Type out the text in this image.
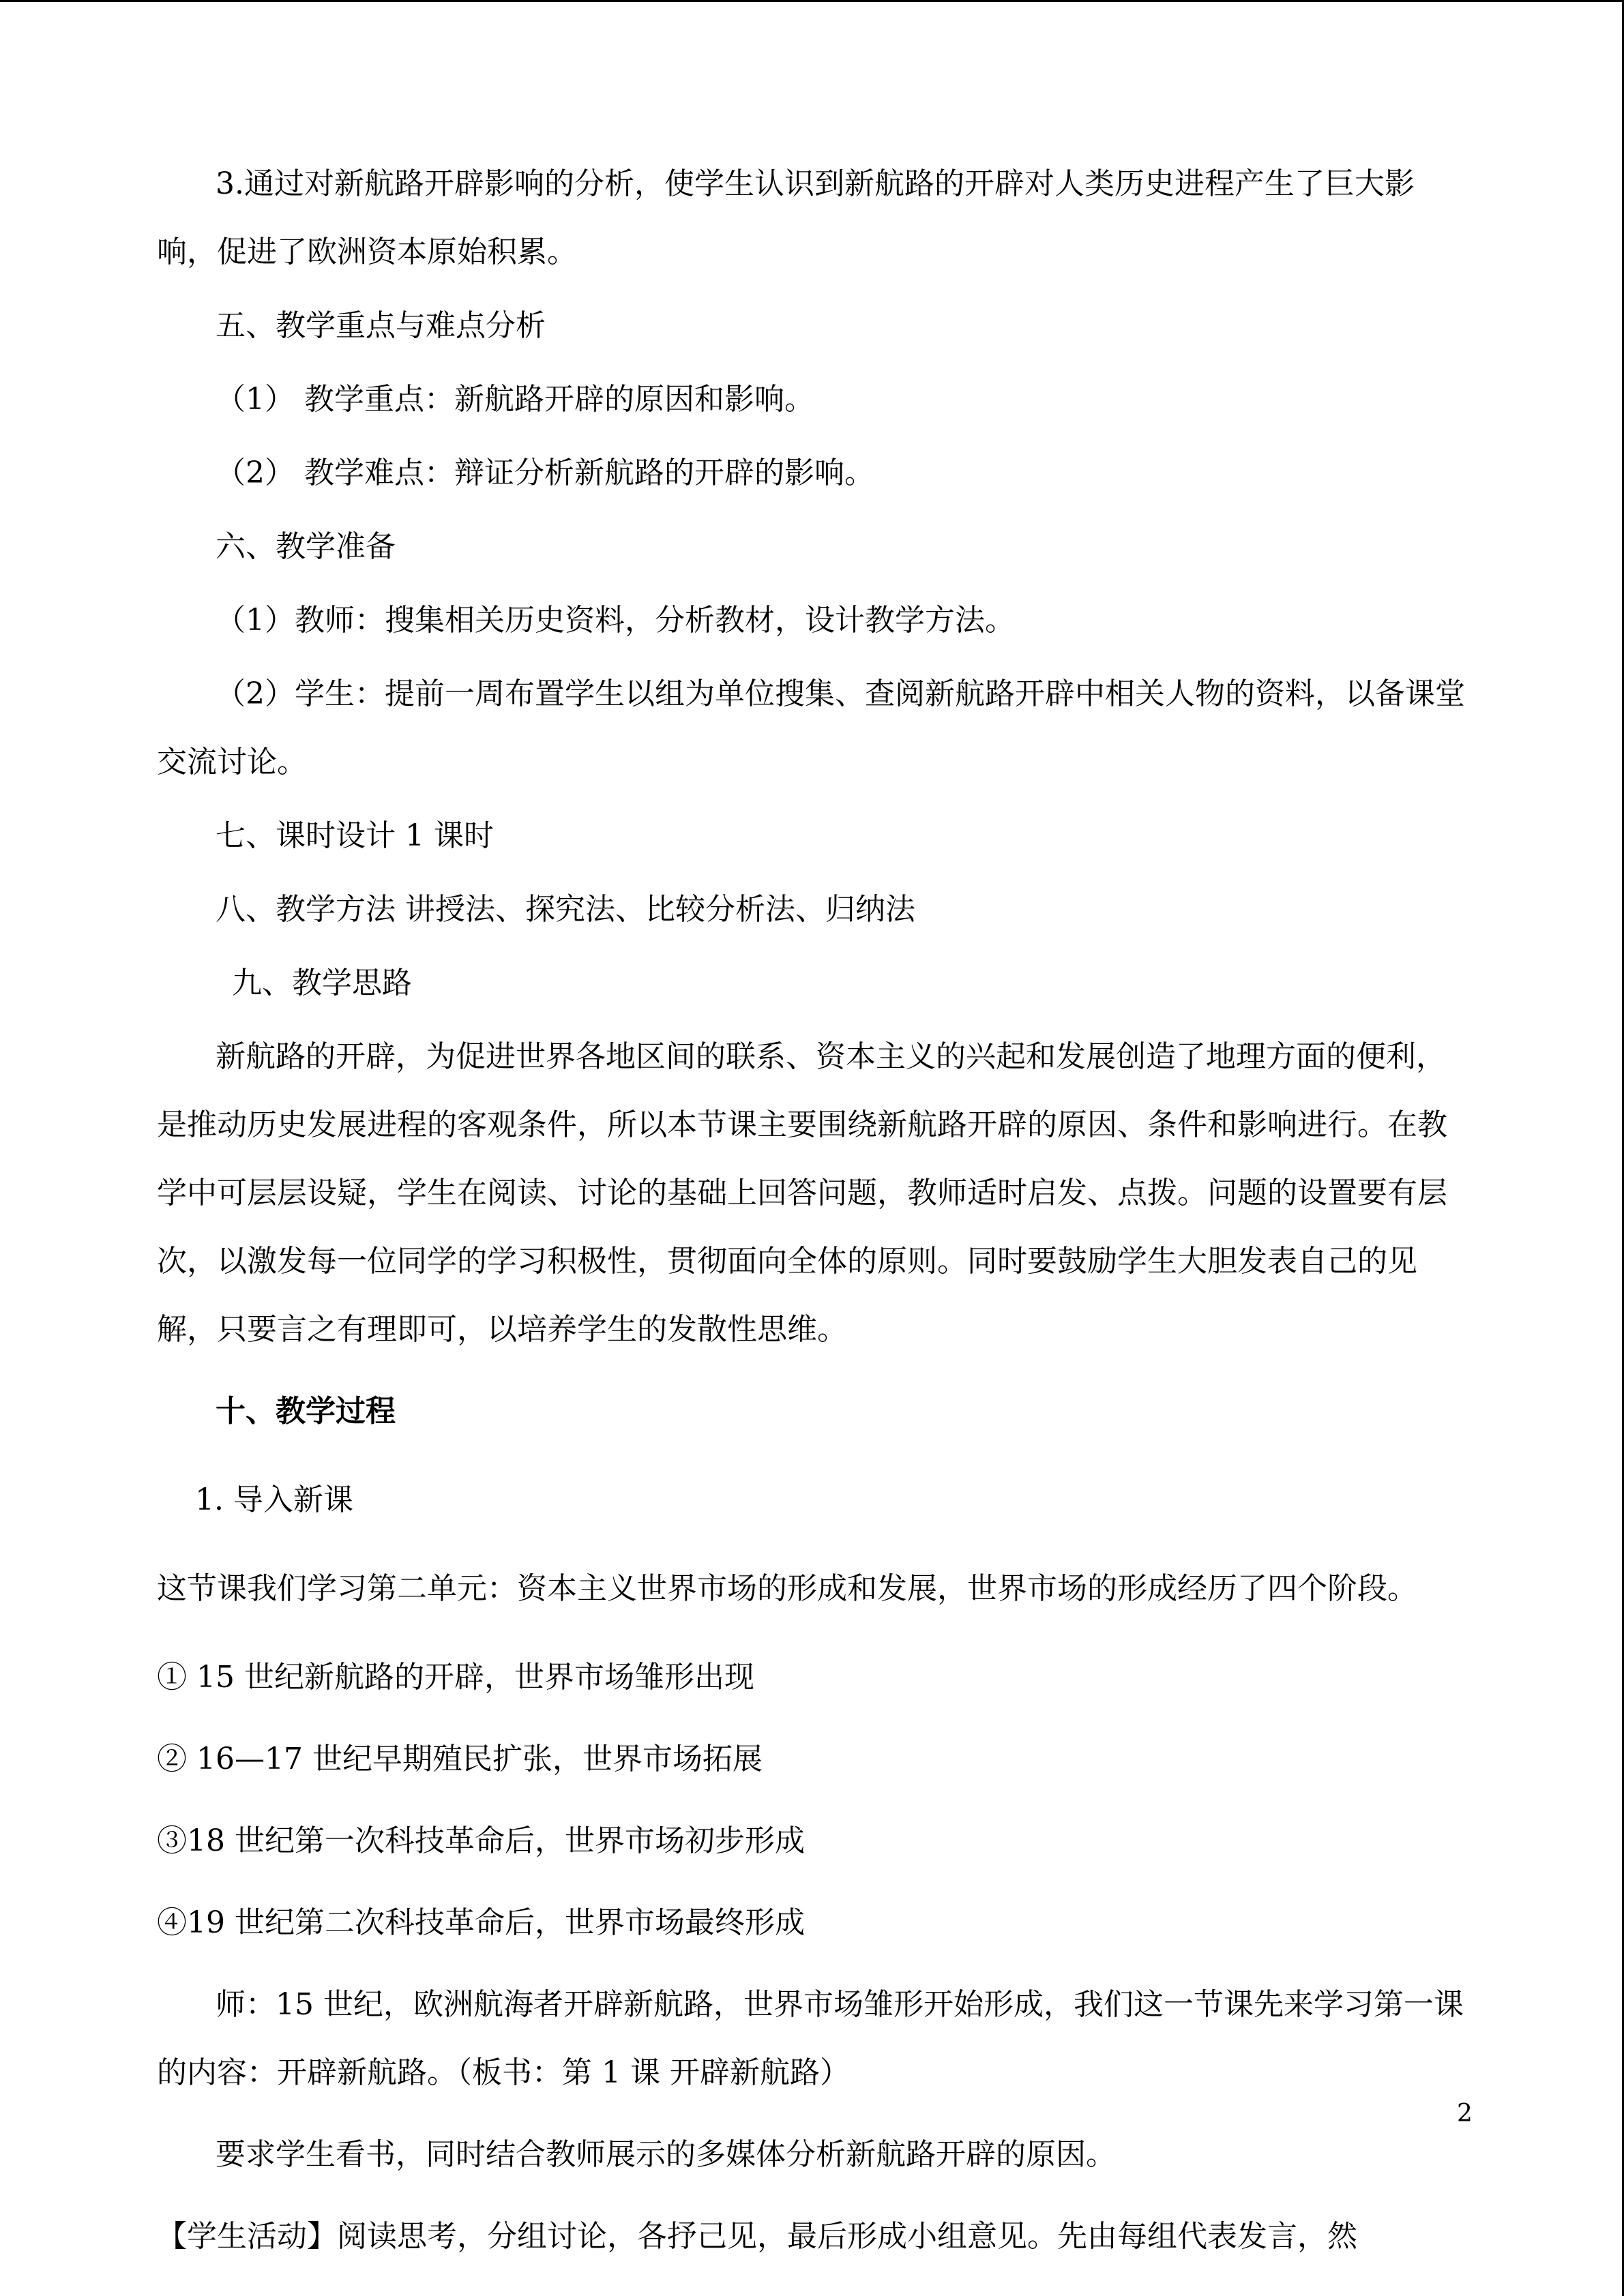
3.通过对新航路开辟影响的分析，使学生认识到新航路的开辟对人类历史进程产生了巨大影响，促进了欧洲资本原始积累。

五、教学重点与难点分析

（1） 教学重点：新航路开辟的原因和影响。

（2） 教学难点：辩证分析新航路的开辟的影响。

六、教学准备

（1）教师：搜集相关历史资料，分析教材，设计教学方法。

（2）学生：提前一周布置学生以组为单位搜集、查阅新航路开辟中相关人物的资料，以备课堂交流讨论。

七、课时设计 1 课时

八、教学方法 讲授法、探究法、比较分析法、归纳法

九、教学思路

新航路的开辟，为促进世界各地区间的联系、资本主义的兴起和发展创造了地理方面的便利，是推动历史发展进程的客观条件，所以本节课主要围绕新航路开辟的原因、条件和影响进行。在教学中可层层设疑，学生在阅读、讨论的基础上回答问题，教师适时启发、点拨。问题的设置要有层次，以激发每一位同学的学习积极性，贯彻面向全体的原则。同时要鼓励学生大胆发表自己的见解，只要言之有理即可，以培养学生的发散性思维。

十、教学过程

1. 导入新课

这节课我们学习第二单元：资本主义世界市场的形成和发展，世界市场的形成经历了四个阶段。

① 15 世纪新航路的开辟，世界市场雏形出现

② 16—17 世纪早期殖民扩张，世界市场拓展

③18 世纪第一次科技革命后，世界市场初步形成

④19 世纪第二次科技革命后，世界市场最终形成

师：15 世纪，欧洲航海者开辟新航路，世界市场雏形开始形成，我们这一节课先来学习第一课的内容：开辟新航路。（板书：第 1 课 开辟新航路）

要求学生看书，同时结合教师展示的多媒体分析新航路开辟的原因。

【学生活动】阅读思考，分组讨论，各抒己见，最后形成小组意见。先由每组代表发言，然

2
